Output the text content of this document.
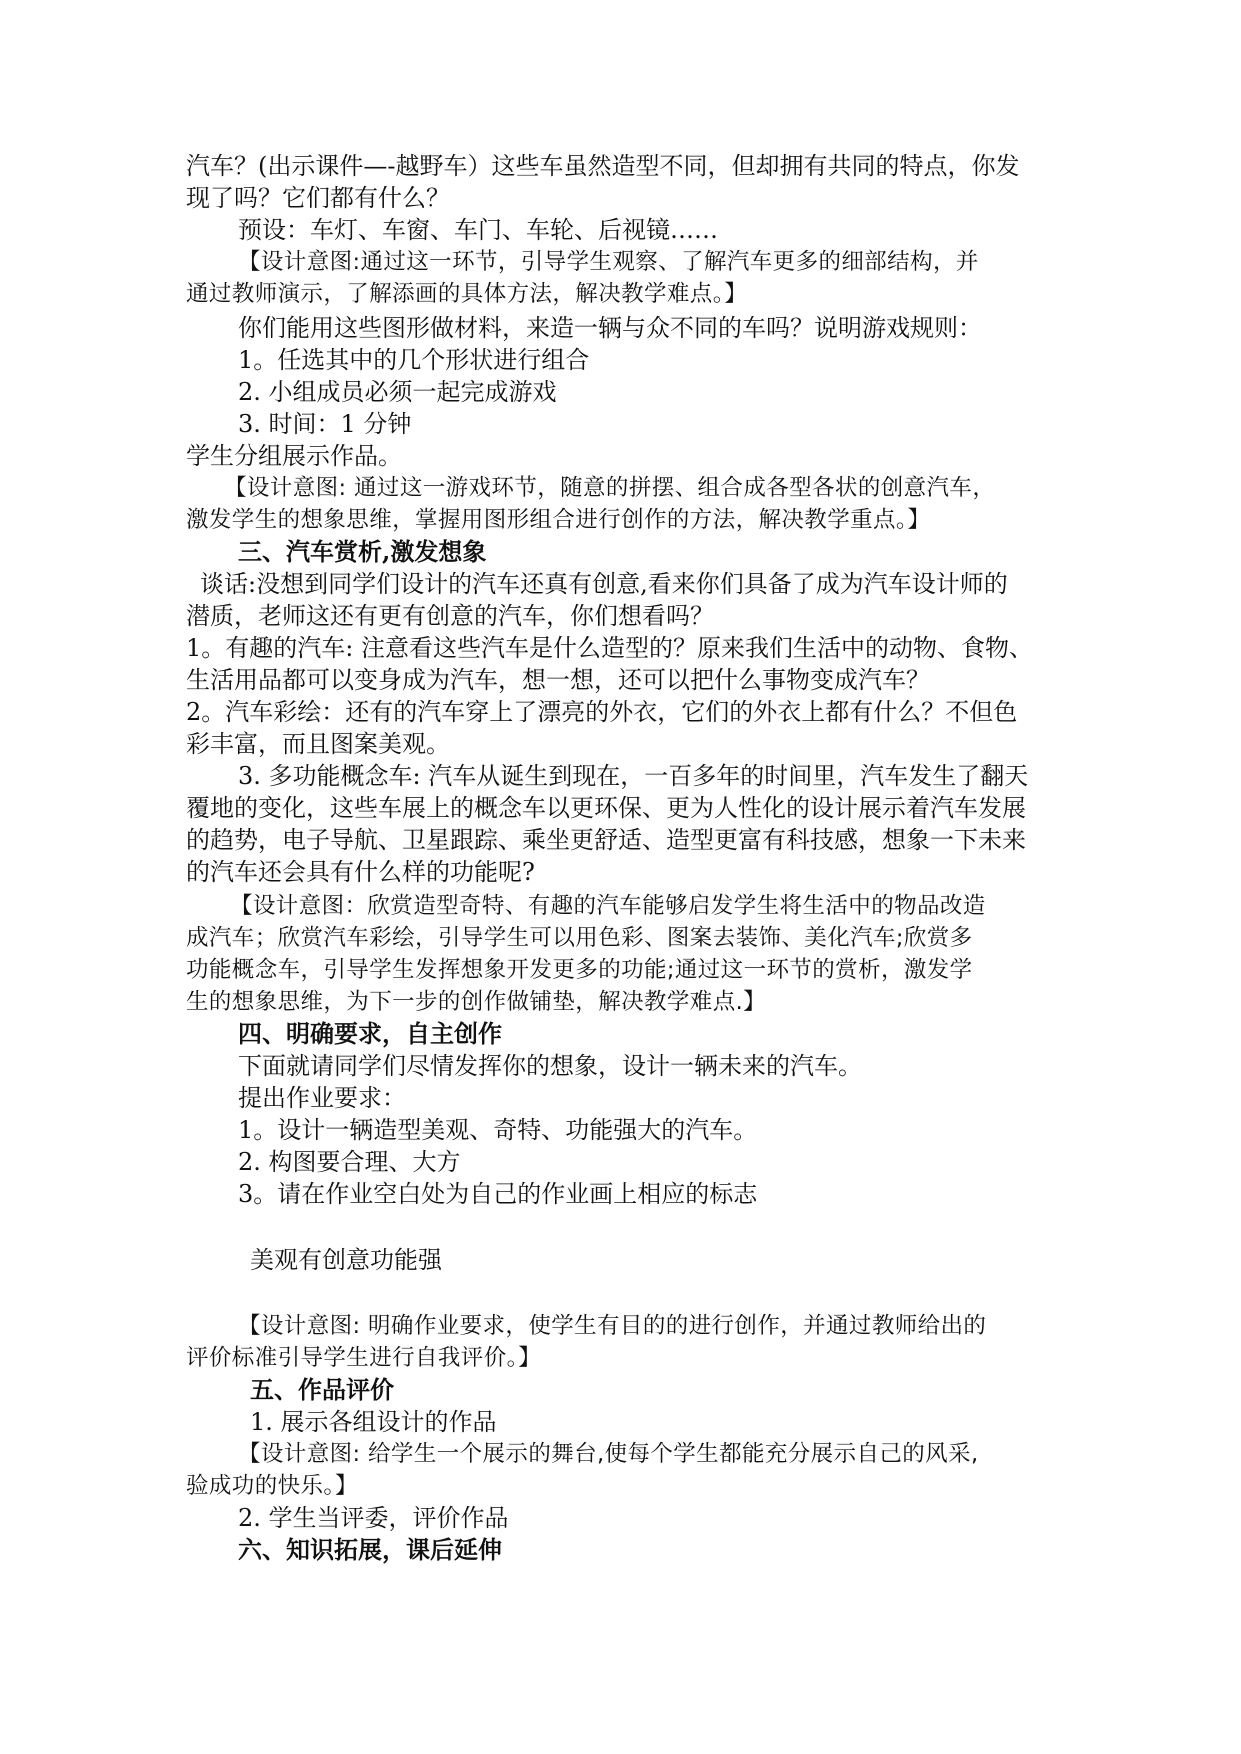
汽车？(出示课件—-越野车）这些车虽然造型不同，但却拥有共同的特点，你发
现了吗？它们都有什么？
预设：车灯、车窗、车门、车轮、后视镜……
【设计意图:通过这一环节，引导学生观察、了解汽车更多的细部结构，并
通过教师演示，了解添画的具体方法，解决教学难点。】
你们能用这些图形做材料，来造一辆与众不同的车吗？说明游戏规则：
1。任选其中的几个形状进行组合
2. 小组成员必须一起完成游戏
3. 时间：1 分钟
学生分组展示作品。
【设计意图: 通过这一游戏环节，随意的拼摆、组合成各型各状的创意汽车，
激发学生的想象思维，掌握用图形组合进行创作的方法，解决教学重点。】
三、汽车赏析,激发想象
谈话:没想到同学们设计的汽车还真有创意,看来你们具备了成为汽车设计师的
潜质，老师这还有更有创意的汽车，你们想看吗？
1。有趣的汽车: 注意看这些汽车是什么造型的？原来我们生活中的动物、食物、
生活用品都可以变身成为汽车，想一想，还可以把什么事物变成汽车？
2。汽车彩绘：还有的汽车穿上了漂亮的外衣，它们的外衣上都有什么？不但色
彩丰富，而且图案美观。
3. 多功能概念车: 汽车从诞生到现在，一百多年的时间里，汽车发生了翻天
覆地的变化，这些车展上的概念车以更环保、更为人性化的设计展示着汽车发展
的趋势，电子导航、卫星跟踪、乘坐更舒适、造型更富有科技感，想象一下未来
的汽车还会具有什么样的功能呢?
【设计意图：欣赏造型奇特、有趣的汽车能够启发学生将生活中的物品改造
成汽车；欣赏汽车彩绘，引导学生可以用色彩、图案去装饰、美化汽车;欣赏多
功能概念车，引导学生发挥想象开发更多的功能;通过这一环节的赏析，激发学
生的想象思维，为下一步的创作做铺垫，解决教学难点.】
四、明确要求，自主创作
下面就请同学们尽情发挥你的想象，设计一辆未来的汽车。
提出作业要求：
1。设计一辆造型美观、奇特、功能强大的汽车。
2. 构图要合理、大方
3。请在作业空白处为自己的作业画上相应的标志
美观有创意功能强
【设计意图: 明确作业要求，使学生有目的的进行创作，并通过教师给出的
评价标准引导学生进行自我评价。】
五、作品评价
1. 展示各组设计的作品
【设计意图: 给学生一个展示的舞台,使每个学生都能充分展示自己的风采,
验成功的快乐。】
2. 学生当评委，评价作品
六、知识拓展，课后延伸
